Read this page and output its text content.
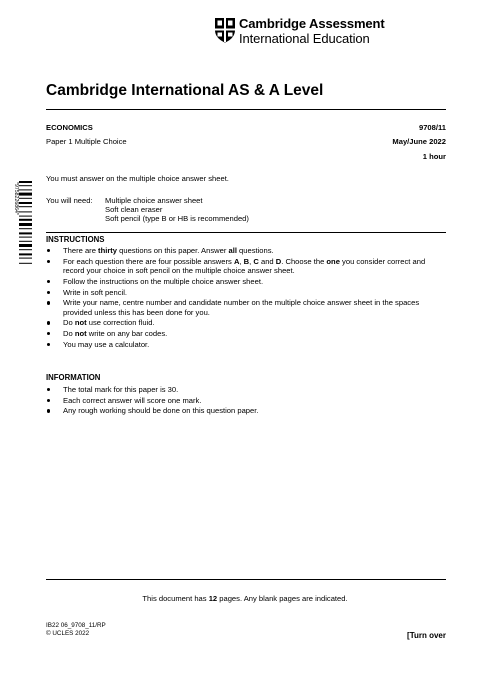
Cambridge Assessment
International Education
Cambridge International AS & A Level
ECONOMICS	9708/11
Paper 1 Multiple Choice	May/June 2022
1 hour
You must answer on the multiple choice answer sheet.
You will need: Multiple choice answer sheet
Soft clean eraser
Soft pencil (type B or HB is recommended)
*9758226864*
INSTRUCTIONS
There are thirty questions on this paper. Answer all questions.
For each question there are four possible answers A, B, C and D. Choose the one you consider correct and record your choice in soft pencil on the multiple choice answer sheet.
Follow the instructions on the multiple choice answer sheet.
Write in soft pencil.
Write your name, centre number and candidate number on the multiple choice answer sheet in the spaces provided unless this has been done for you.
Do not use correction fluid.
Do not write on any bar codes.
You may use a calculator.
INFORMATION
The total mark for this paper is 30.
Each correct answer will score one mark.
Any rough working should be done on this question paper.
This document has 12 pages. Any blank pages are indicated.
IB22 06_9708_11/RP
© UCLES 2022	[Turn over
